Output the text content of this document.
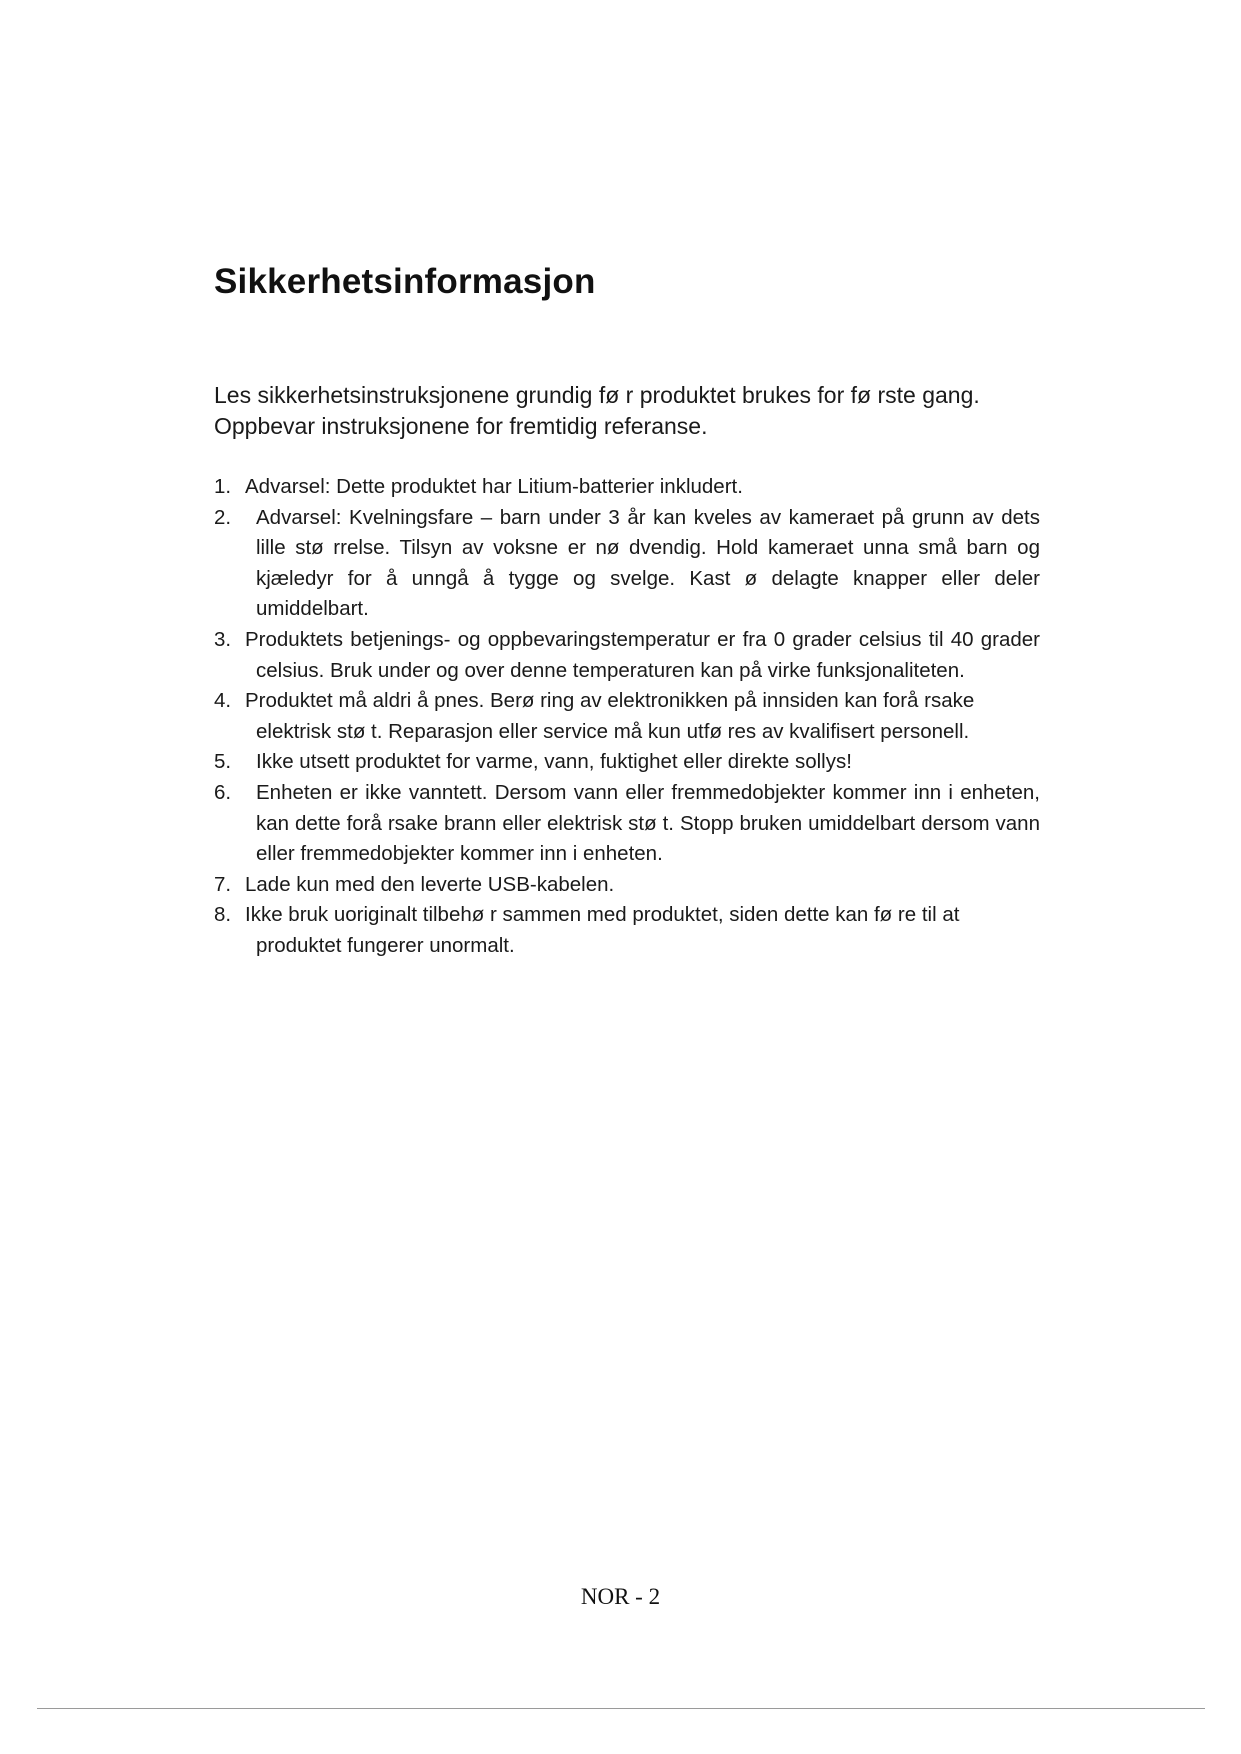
Sikkerhetsinformasjon

Les sikkerhetsinstruksjonene grundig fø r produktet brukes for fø rste gang.

Oppbevar instruksjonene for fremtidig referanse.

1. Advarsel: Dette produktet har Litium-batterier inkludert.
2. Advarsel: Kvelningsfare – barn under 3 år kan kveles av kameraet på grunn av dets lille stø rrelse. Tilsyn av voksne er nø dvendig. Hold kameraet unna små barn og kjæledyr for å unngå å tygge og svelge. Kast ø delagte knapper eller deler umiddelbart.
3. Produktets betjenings- og oppbevaringstemperatur er fra 0 grader celsius til 40 grader celsius. Bruk under og over denne temperaturen kan på virke funksjonaliteten.
4. Produktet må aldri å pnes. Berø ring av elektronikken på innsiden kan forå rsake elektrisk stø t. Reparasjon eller service må kun utfø res av kvalifisert personell.
5. Ikke utsett produktet for varme, vann, fuktighet eller direkte sollys!
6. Enheten er ikke vanntett. Dersom vann eller fremmedobjekter kommer inn i enheten, kan dette forå rsake brann eller elektrisk stø t. Stopp bruken umiddelbart dersom vann eller fremmedobjekter kommer inn i enheten.
7. Lade kun med den leverte USB-kabelen.
8. Ikke bruk uoriginalt tilbehø r sammen med produktet, siden dette kan fø re til at produktet fungerer unormalt.
NOR - 2
